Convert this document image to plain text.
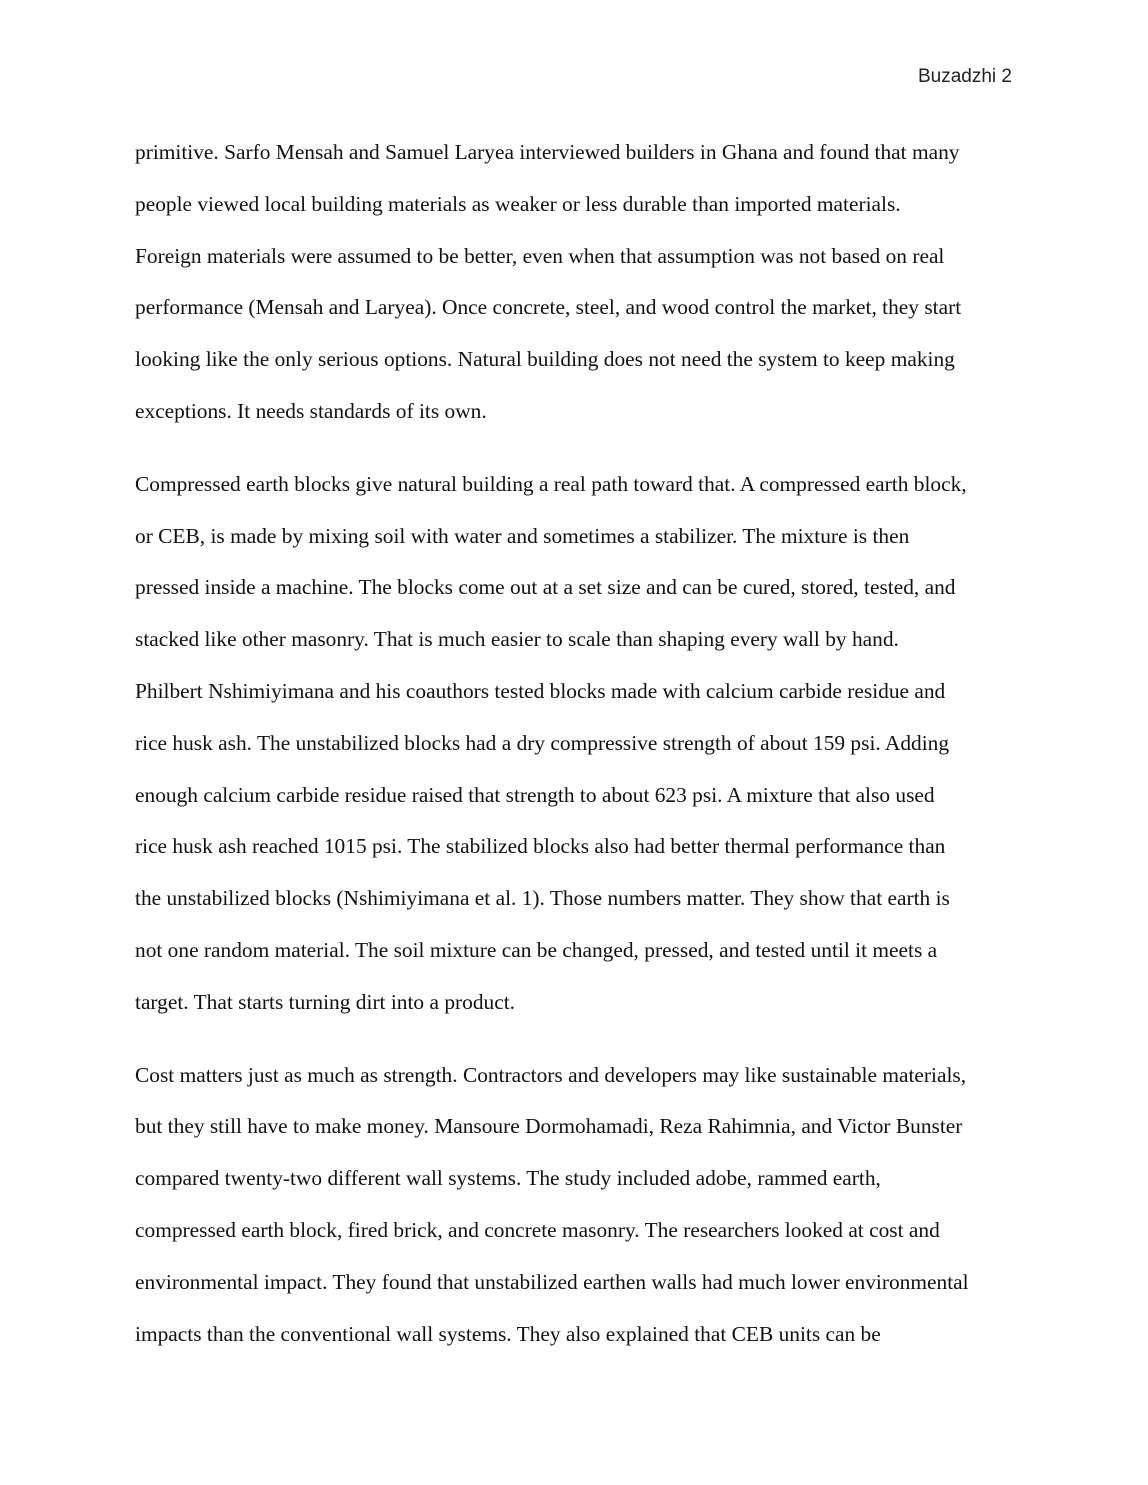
Buzadzhi 2
primitive. Sarfo Mensah and Samuel Laryea interviewed builders in Ghana and found that many
people viewed local building materials as weaker or less durable than imported materials.
Foreign materials were assumed to be better, even when that assumption was not based on real
performance (Mensah and Laryea). Once concrete, steel, and wood control the market, they start
looking like the only serious options. Natural building does not need the system to keep making
exceptions. It needs standards of its own.
Compressed earth blocks give natural building a real path toward that. A compressed earth block,
or CEB, is made by mixing soil with water and sometimes a stabilizer. The mixture is then
pressed inside a machine. The blocks come out at a set size and can be cured, stored, tested, and
stacked like other masonry. That is much easier to scale than shaping every wall by hand.
Philbert Nshimiyimana and his coauthors tested blocks made with calcium carbide residue and
rice husk ash. The unstabilized blocks had a dry compressive strength of about 159 psi. Adding
enough calcium carbide residue raised that strength to about 623 psi. A mixture that also used
rice husk ash reached 1015 psi. The stabilized blocks also had better thermal performance than
the unstabilized blocks (Nshimiyimana et al. 1). Those numbers matter. They show that earth is
not one random material. The soil mixture can be changed, pressed, and tested until it meets a
target. That starts turning dirt into a product.
Cost matters just as much as strength. Contractors and developers may like sustainable materials,
but they still have to make money. Mansoure Dormohamadi, Reza Rahimnia, and Victor Bunster
compared twenty-two different wall systems. The study included adobe, rammed earth,
compressed earth block, fired brick, and concrete masonry. The researchers looked at cost and
environmental impact. They found that unstabilized earthen walls had much lower environmental
impacts than the conventional wall systems. They also explained that CEB units can be
